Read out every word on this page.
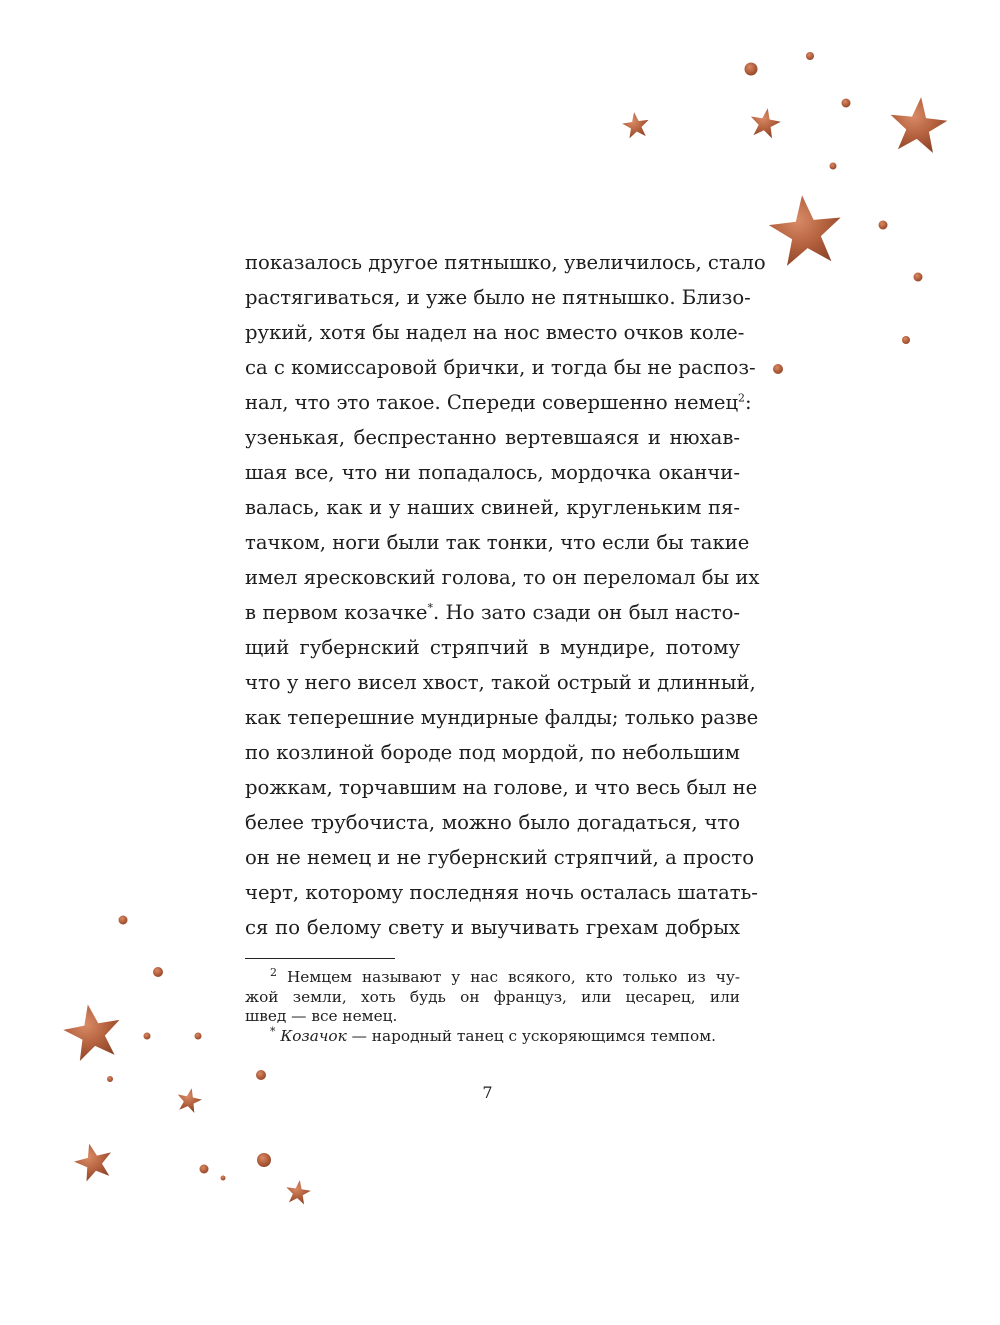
показалось другое пятнышко, увеличилось, стало
растягиваться, и уже было не пятнышко. Близо-
рукий, хотя бы надел на нос вместо очков коле-
са с комиссаровой брички, и тогда бы не распоз-
нал, что это такое. Спереди совершенно немец$^2$:
узенькая, беспрестанно вертевшаяся и нюхав-
шая все, что ни попадалось, мордочка оканчи-
валась, как и у наших свиней, кругленьким пя-
тачком, ноги были так тонки, что если бы такие
имел яресковский голова, то он переломал бы их
в первом козачке*. Но зато сзади он был насто-
щий губернский стряпчий в мундире, потому
что у него висел хвост, такой острый и длинный,
как теперешние мундирные фалды; только разве
по козлиной бороде под мордой, по небольшим
рожкам, торчавшим на голове, и что весь был не
белее трубочиста, можно было догадаться, что
он не немец и не губернский стряпчий, а просто
черт, которому последняя ночь осталась шатать-
ся по белому свету и выучивать грехам добрых
$^2$ Немцем называют у нас всякого, кто только из чу-
жой земли, хоть будь он француз, или цесарец, или
швед — все немец.
* Козачок — народный танец с ускоряющимся темпом.
7
